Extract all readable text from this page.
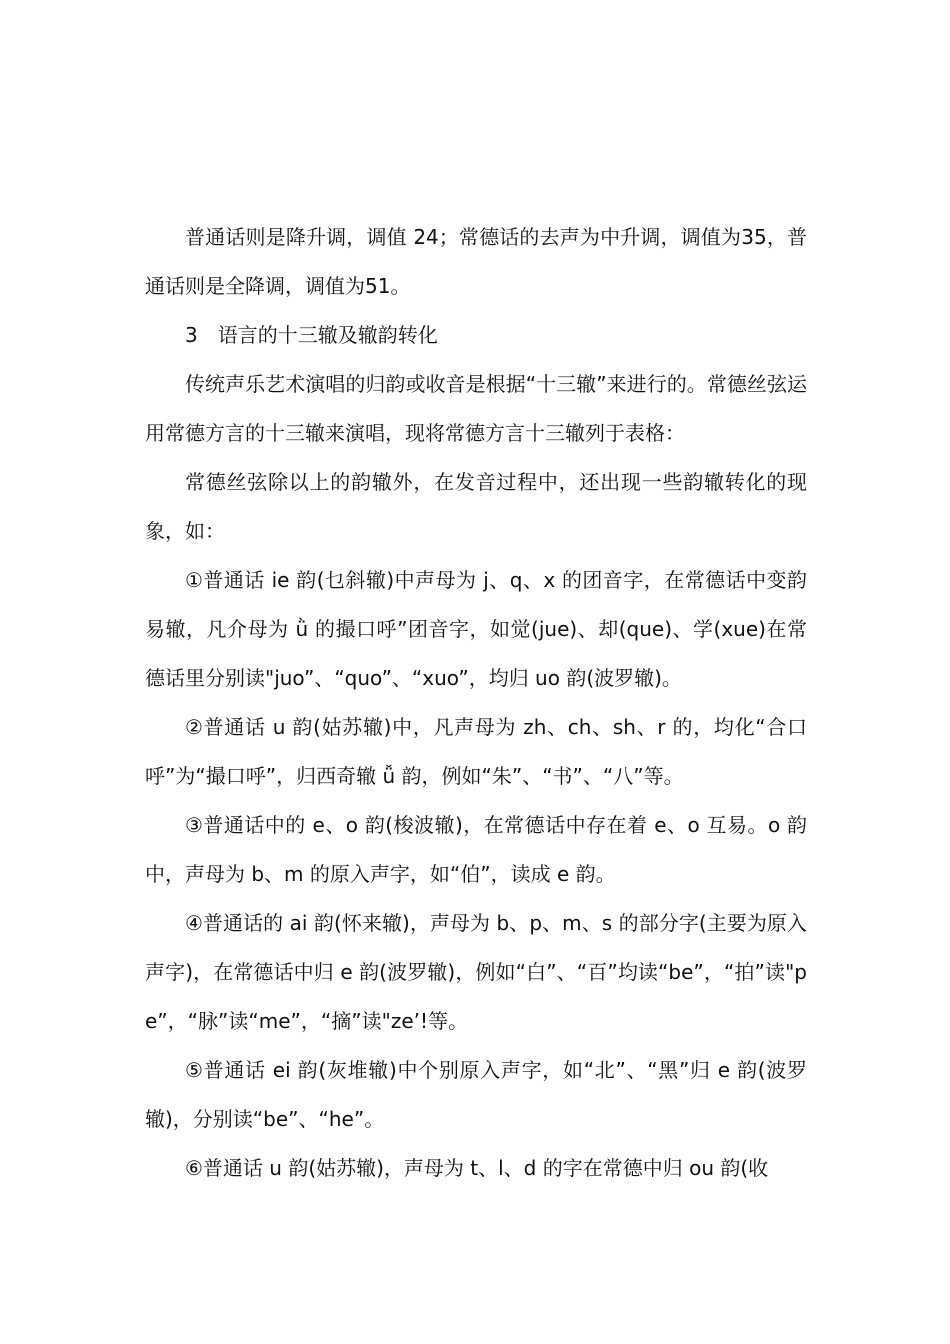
普通话则是降升调，调值 24；常德话的去声为中升调，调值为35，普通话则是全降调，调值为51。

3　语言的十三辙及辙韵转化

传统声乐艺术演唱的归韵或收音是根据“十三辙”来进行的。常德丝弦运用常德方言的十三辙来演唱，现将常德方言十三辙列于表格：

常德丝弦除以上的韵辙外，在发音过程中，还出现一些韵辙转化的现象，如：

①普通话 ie 韵(乜斜辙)中声母为 j、q、x 的团音字，在常德话中变韵易辙，凡介母为 ǜ 的撮口呼”团音字，如觉(jue)、却(que)、学(xue)在常德话里分别读"juo”、“quo”、“xuo”，均归 uo 韵(波罗辙)。

②普通话 u 韵(姑苏辙)中，凡声母为 zh、ch、sh、r 的，均化“合口呼”为“撮口呼”，归西奇辙 ǚ 韵，例如“朱”、“书”、“八”等。

③普通话中的 e、o 韵(梭波辙)，在常德话中存在着 e、o 互易。o 韵中，声母为 b、m 的原入声字，如“伯”，读成 e 韵。

④普通话的 ai 韵(怀来辙)，声母为 b、p、m、s 的部分字(主要为原入声字)，在常德话中归 e 韵(波罗辙)，例如“白”、“百”均读“be”，“拍”读"pe”，“脉”读“me”，“摘”读"ze’!等。

⑤普通话 ei 韵(灰堆辙)中个别原入声字，如“北”、“黑”归 e 韵(波罗辙)，分别读“be”、“he”。

⑥普通话 u 韵(姑苏辙)，声母为 t、l、d 的字在常德中归 ou 韵(收
